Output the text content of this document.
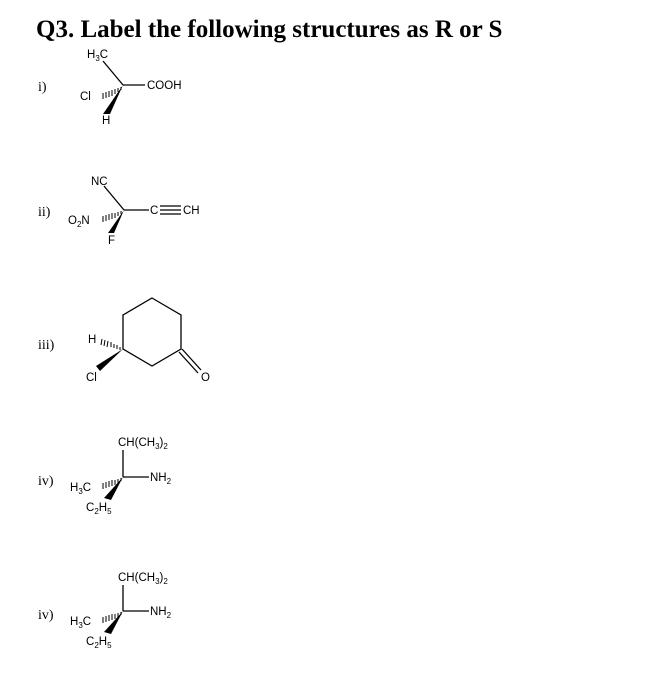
Q3. Label the following structures as R or S
i)
ii)
iii)
iv)
iv)
$H_3C$
COOH
Cl
H
NC
C CH
$O_2N$
F
H
Cl	O
$CH(CH_3)_2$
$NH_2$
$H_3C$
$C_2H_5$
$CH(CH_3)_2$
$NH_2$
$H_3C$
$C_2H_5$
